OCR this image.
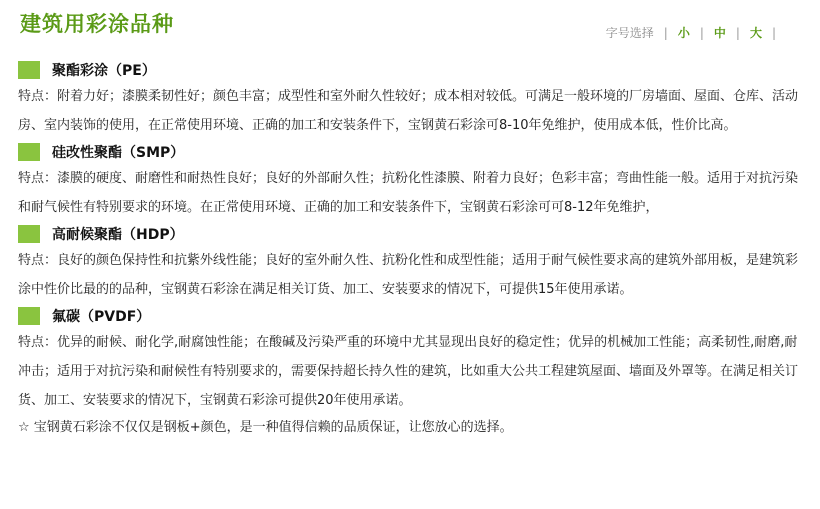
建筑用彩涂品种	字号选择 | 小 | 中 | 大 |
聚酯彩涂（PE）

特点：附着力好；漆膜柔韧性好；颜色丰富；成型性和室外耐久性较好；成本相对较低。可满足一般环境的厂房墙面、屋面、仓库、活动房、室内装饰的使用，在正常使用环境、正确的加工和安装条件下，宝钢黄石彩涂可8-10年免维护，使用成本低，性价比高。

硅改性聚酯（SMP）

特点：漆膜的硬度、耐磨性和耐热性良好；良好的外部耐久性；抗粉化性漆膜、附着力良好；色彩丰富；弯曲性能一般。适用于对抗污染和耐气候性有特别要求的环境。在正常使用环境、正确的加工和安装条件下，宝钢黄石彩涂可可8-12年免维护，

高耐候聚酯（HDP）

特点：良好的颜色保持性和抗紫外线性能；良好的室外耐久性、抗粉化性和成型性能；适用于耐气候性要求高的建筑外部用板，是建筑彩涂中性价比最的的品种，宝钢黄石彩涂在满足相关订货、加工、安装要求的情况下，可提供15年使用承诺。

氟碳（PVDF）

特点：优异的耐候、耐化学,耐腐蚀性能；在酸碱及污染严重的环境中尤其显现出良好的稳定性；优异的机械加工性能；高柔韧性,耐磨,耐冲击；适用于对抗污染和耐候性有特别要求的，需要保持超长持久性的建筑，比如重大公共工程建筑屋面、墙面及外罩等。在满足相关订货、加工、安装要求的情况下，宝钢黄石彩涂可提供20年使用承诺。

☆ 宝钢黄石彩涂不仅仅是钢板+颜色，是一种值得信赖的品质保证，让您放心的选择。
